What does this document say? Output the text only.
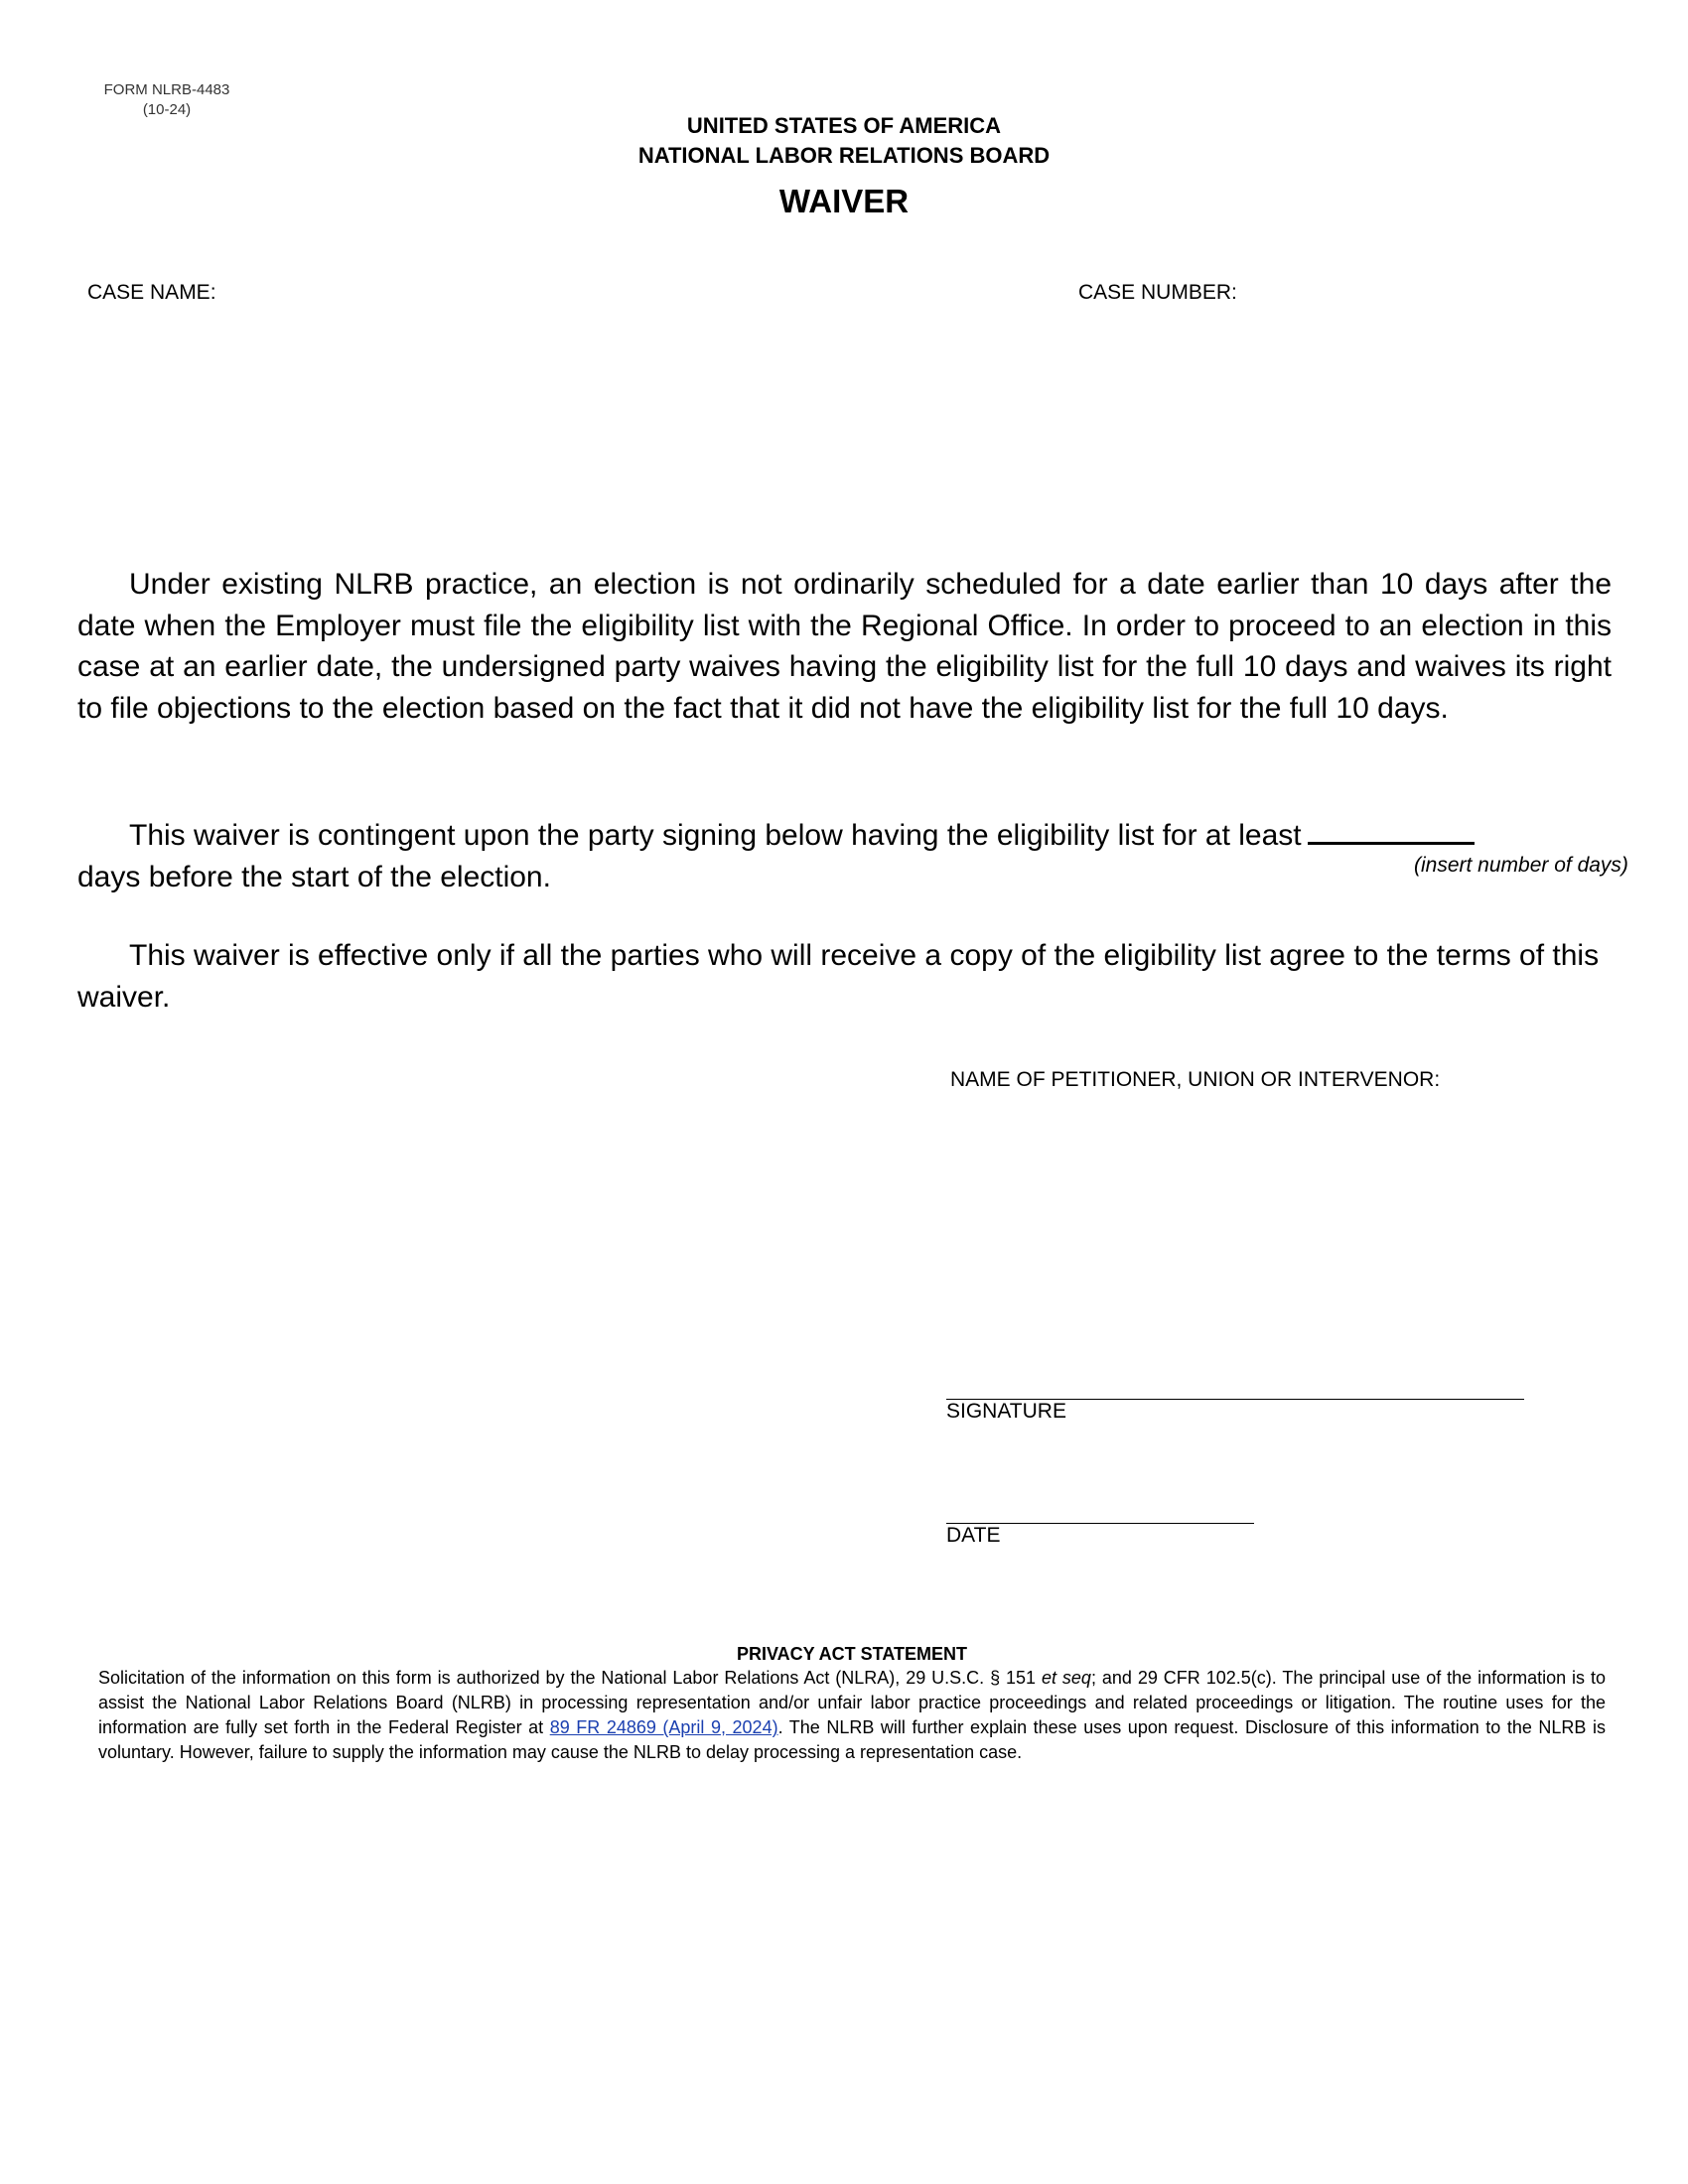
FORM NLRB-4483
(10-24)
UNITED STATES OF AMERICA
NATIONAL LABOR RELATIONS BOARD
WAIVER
CASE NAME:	CASE NUMBER:
Under existing NLRB practice, an election is not ordinarily scheduled for a date earlier than 10 days after the date when the Employer must file the eligibility list with the Regional Office. In order to proceed to an election in this case at an earlier date, the undersigned party waives having the eligibility list for the full 10 days and waives its right to file objections to the election based on the fact that it did not have the eligibility list for the full 10 days.
This waiver is contingent upon the party signing below having the eligibility list for at least
days before the start of the election.	(insert number of days)
This waiver is effective only if all the parties who will receive a copy of the eligibility list agree to the terms of this waiver.
NAME OF PETITIONER, UNION OR INTERVENOR:
SIGNATURE
DATE
PRIVACY ACT STATEMENT
Solicitation of the information on this form is authorized by the National Labor Relations Act (NLRA), 29 U.S.C. § 151 et seq; and 29 CFR 102.5(c). The principal use of the information is to assist the National Labor Relations Board (NLRB) in processing representation and/or unfair labor practice proceedings and related proceedings or litigation. The routine uses for the information are fully set forth in the Federal Register at 89 FR 24869 (April 9, 2024). The NLRB will further explain these uses upon request. Disclosure of this information to the NLRB is voluntary. However, failure to supply the information may cause the NLRB to delay processing a representation case.
